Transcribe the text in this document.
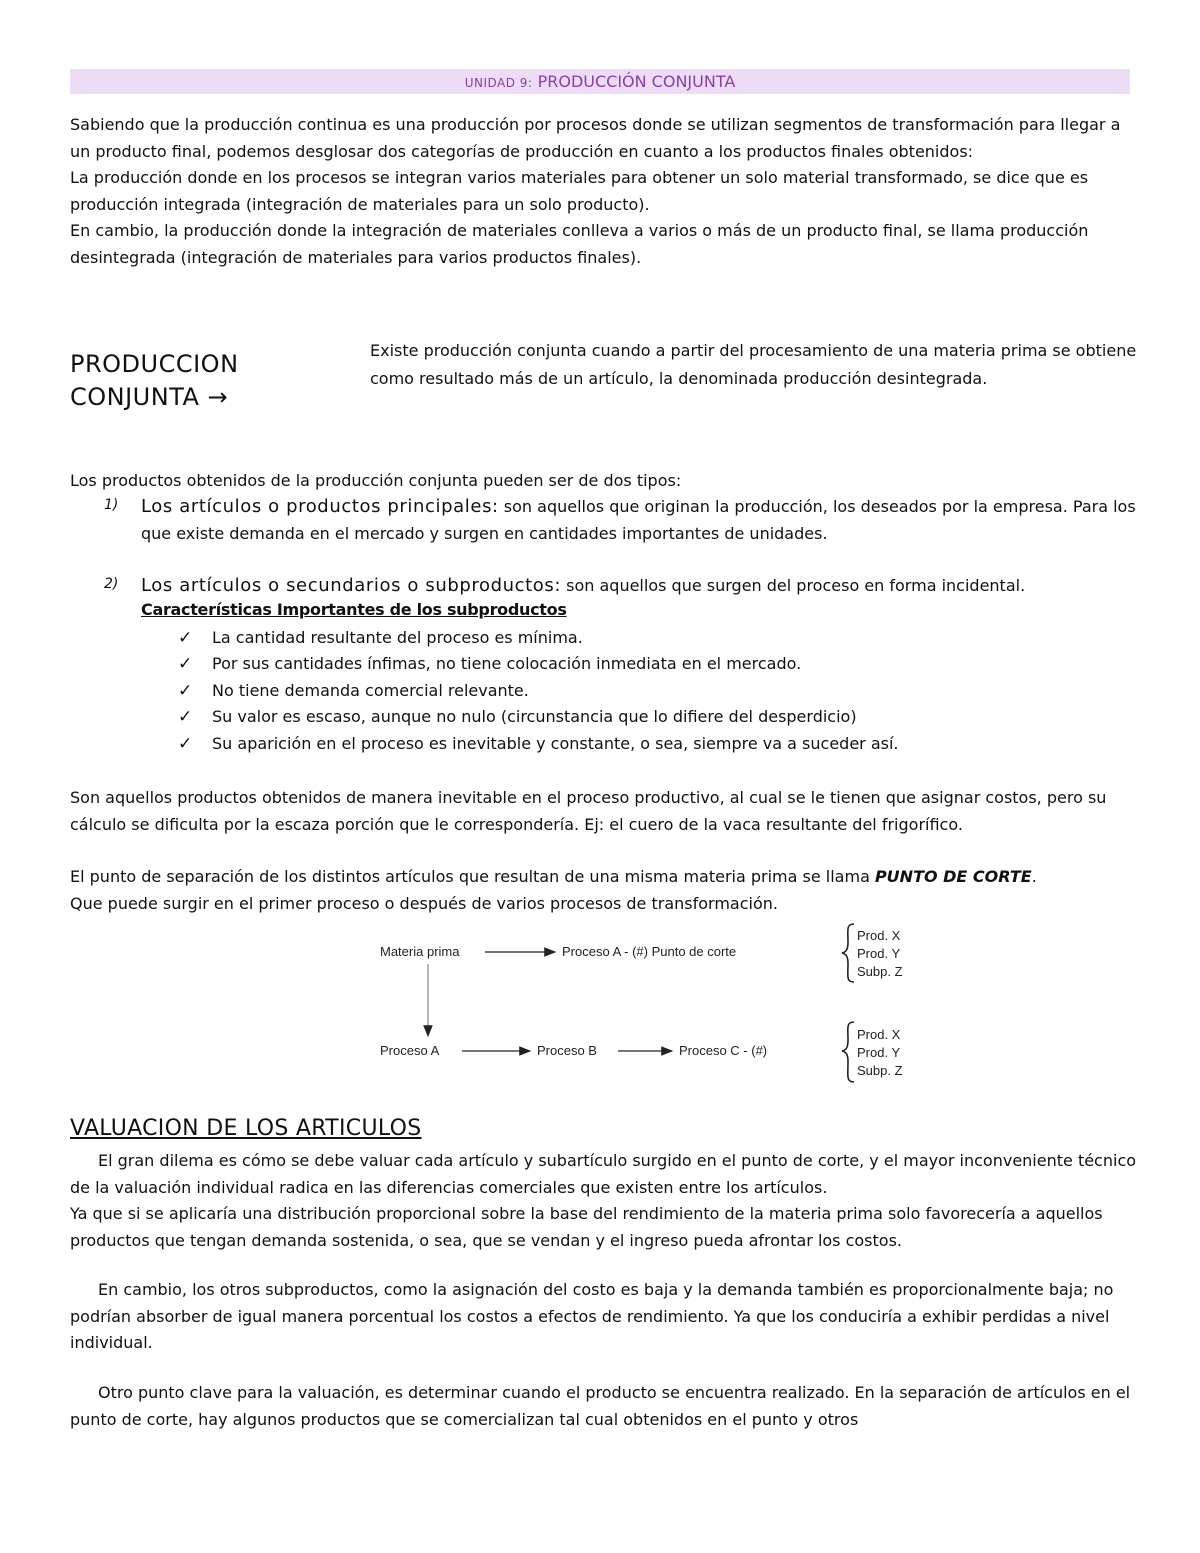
UNIDAD 9: PRODUCCIÓN CONJUNTA

Sabiendo que la producción continua es una producción por procesos donde se utilizan segmentos de transformación para llegar a un producto final, podemos desglosar dos categorías de producción en cuanto a los productos finales obtenidos:

La producción donde en los procesos se integran varios materiales para obtener un solo material transformado, se dice que es producción integrada (integración de materiales para un solo producto).

En cambio, la producción donde la integración de materiales conlleva a varios o más de un producto final, se llama producción desintegrada (integración de materiales para varios productos finales).

PRODUCCION CONJUNTA →

Existe producción conjunta cuando a partir del procesamiento de una materia prima se obtiene como resultado más de un artículo, la denominada producción desintegrada.

Los productos obtenidos de la producción conjunta pueden ser de dos tipos:

1) Los artículos o productos principales: son aquellos que originan la producción, los deseados por la empresa. Para los que existe demanda en el mercado y surgen en cantidades importantes de unidades.
2) Los artículos o secundarios o subproductos: son aquellos que surgen del proceso en forma incidental.
Características Importantes de los subproductos
✓ La cantidad resultante del proceso es mínima.
✓ Por sus cantidades ínfimas, no tiene colocación inmediata en el mercado.
✓ No tiene demanda comercial relevante.
✓ Su valor es escaso, aunque no nulo (circunstancia que lo difiere del desperdicio)
✓ Su aparición en el proceso es inevitable y constante, o sea, siempre va a suceder así.

Son aquellos productos obtenidos de manera inevitable en el proceso productivo, al cual se le tienen que asignar costos, pero su cálculo se dificulta por la escaza porción que le correspondería. Ej: el cuero de la vaca resultante del frigorífico.

El punto de separación de los distintos artículos que resultan de una misma materia prima se llama PUNTO DE CORTE.
Que puede surgir en el primer proceso o después de varios procesos de transformación.
Materia prima	Proceso A - (#) Punto de corte
Prod. X
Prod. Y
Subp. Z
Proceso A	Proceso B	Proceso C - (#)
Prod. X
Prod. Y
Subp. Z
VALUACION DE LOS ARTICULOS

El gran dilema es cómo se debe valuar cada artículo y subartículo surgido en el punto de corte, y el mayor inconveniente técnico de la valuación individual radica en las diferencias comerciales que existen entre los artículos.

Ya que si se aplicaría una distribución proporcional sobre la base del rendimiento de la materia prima solo favorecería a aquellos productos que tengan demanda sostenida, o sea, que se vendan y el ingreso pueda afrontar los costos.

En cambio, los otros subproductos, como la asignación del costo es baja y la demanda también es proporcionalmente baja; no podrían absorber de igual manera porcentual los costos a efectos de rendimiento. Ya que los conduciría a exhibir perdidas a nivel individual.

Otro punto clave para la valuación, es determinar cuando el producto se encuentra realizado. En la separación de artículos en el punto de corte, hay algunos productos que se comercializan tal cual obtenidos en el punto y otros
